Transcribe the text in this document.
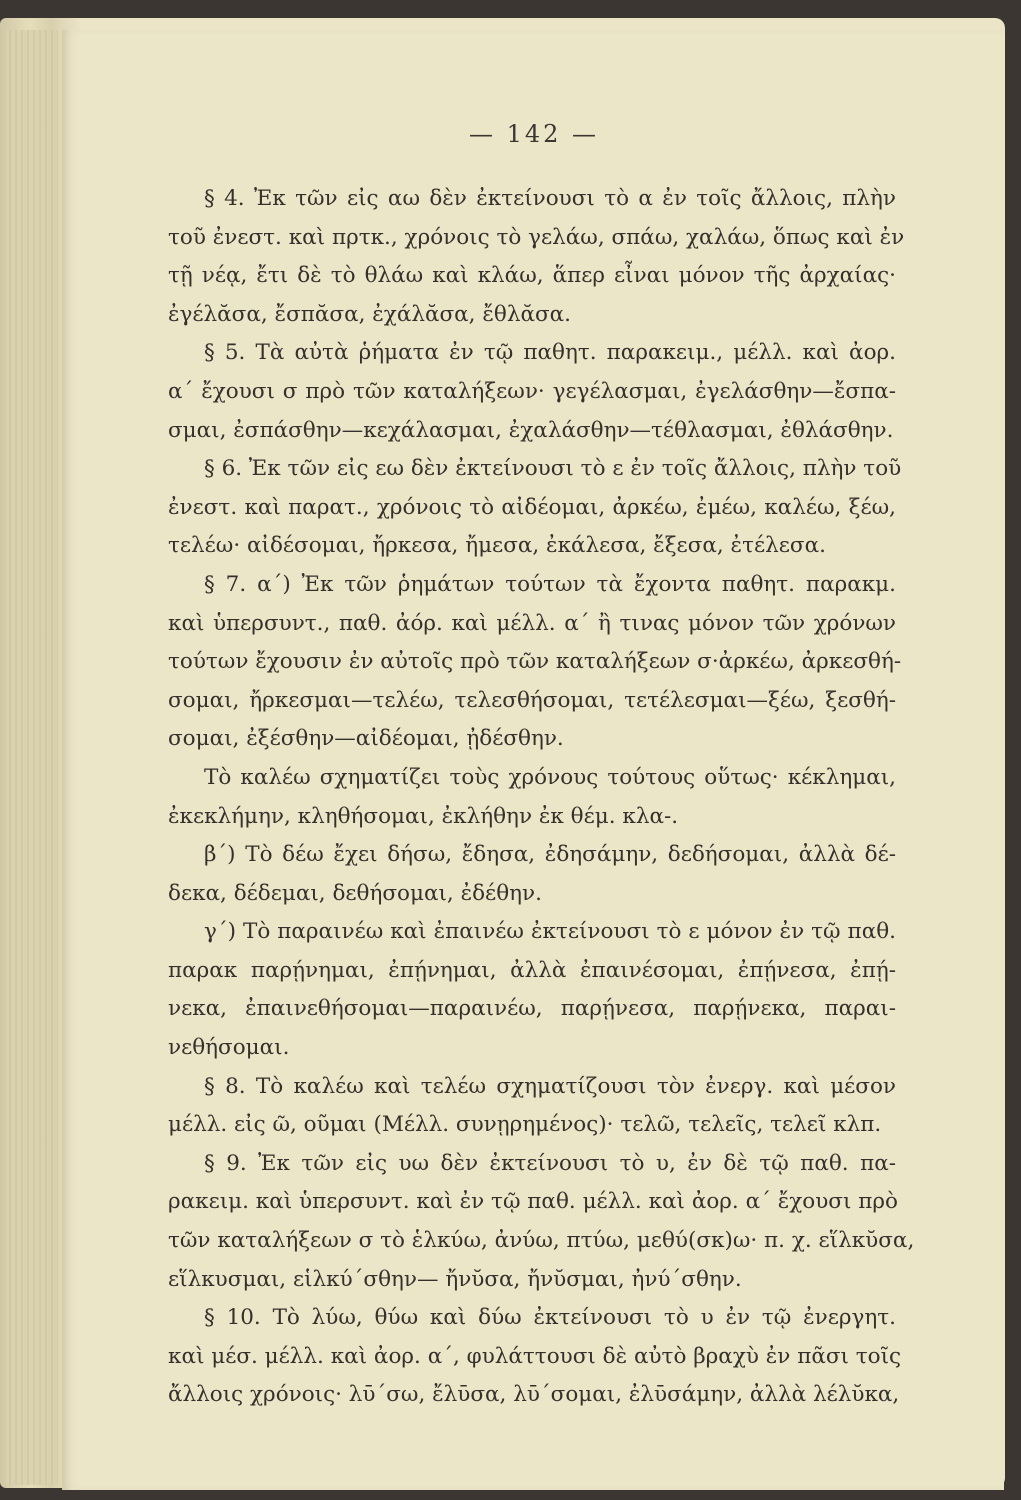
— 142 —
§ 4. Ἐκ τῶν εἰς αω δὲν ἐκτείνουσι τὸ α ἐν τοῖς ἄλλοις, πλὴν
τοῦ ἐνεστ. καὶ πρτκ., χρόνοις τὸ γελάω, σπάω, χαλάω, ὅπως καὶ ἐν
τῇ νέᾳ, ἔτι δὲ τὸ θλάω καὶ κλάω, ἅπερ εἶναι μόνον τῆς ἀρχαίας·
ἐγέλᾰσα, ἔσπᾰσα, ἐχάλᾰσα, ἔθλᾰσα.
§ 5. Τὰ αὐτὰ ῥήματα ἐν τῷ παθητ. παρακειμ., μέλλ. καὶ ἀορ.
α΄ ἔχουσι σ πρὸ τῶν καταλήξεων· γεγέλασμαι, ἐγελάσθην—ἔσπα-
σμαι, ἐσπάσθην—κεχάλασμαι, ἐχαλάσθην—τέθλασμαι, ἐθλάσθην.
§ 6. Ἐκ τῶν εἰς εω δὲν ἐκτείνουσι τὸ ε ἐν τοῖς ἄλλοις, πλὴν τοῦ
ἐνεστ. καὶ παρατ., χρόνοις τὸ αἰδέομαι, ἀρκέω, ἐμέω, καλέω, ξέω,
τελέω· αἰδέσομαι, ἤρκεσα, ἤμεσα, ἐκάλεσα, ἔξεσα, ἐτέλεσα.
§ 7. α΄) Ἐκ τῶν ῥημάτων τούτων τὰ ἔχοντα παθητ. παρακμ.
καὶ ὑπερσυντ., παθ. ἀόρ. καὶ μέλλ. α΄ ἢ τινας μόνον τῶν χρόνων
τούτων ἔχουσιν ἐν αὐτοῖς πρὸ τῶν καταλήξεων σ·ἀρκέω, ἀρκεσθή-
σομαι, ἤρκεσμαι—τελέω, τελεσθήσομαι, τετέλεσμαι—ξέω, ξεσθή-
σομαι, ἐξέσθην—αἰδέομαι, ᾐδέσθην.
Τὸ καλέω σχηματίζει τοὺς χρόνους τούτους οὕτως· κέκλημαι,
ἐκεκλήμην, κληθήσομαι, ἐκλήθην ἐκ θέμ. κλα-.
β΄) Τὸ δέω ἔχει δήσω, ἔδησα, ἐδησάμην, δεδήσομαι, ἀλλὰ δέ-
δεκα, δέδεμαι, δεθήσομαι, ἐδέθην.
γ΄) Τὸ παραινέω καὶ ἐπαινέω ἐκτείνουσι τὸ ε μόνον ἐν τῷ παθ.
παρακ παρῄνημαι, ἐπῄνημαι, ἀλλὰ ἐπαινέσομαι, ἐπῄνεσα, ἐπῄ-
νεκα, ἐπαινεθήσομαι—παραινέω, παρῄνεσα, παρῄνεκα, παραι-
νεθήσομαι.
§ 8. Τὸ καλέω καὶ τελέω σχηματίζουσι τὸν ἐνεργ. καὶ μέσον
μέλλ. εἰς ῶ, οῦμαι (Μέλλ. συνῃρημένος)· τελῶ, τελεῖς, τελεῖ κλπ.
§ 9. Ἐκ τῶν εἰς υω δὲν ἐκτείνουσι τὸ υ, ἐν δὲ τῷ παθ. πα-
ρακειμ. καὶ ὑπερσυντ. καὶ ἐν τῷ παθ. μέλλ. καὶ ἀορ. α΄ ἔχουσι πρὸ
τῶν καταλήξεων σ τὸ ἑλκύω, ἀνύω, πτύω, μεθύ(σκ)ω· π. χ. εἵλκῠσα,
εἵλκυσμαι, εἱλκύ΄σθην— ἤνῠσα, ἤνῠσμαι, ἠνύ΄σθην.
§ 10. Τὸ λύω, θύω καὶ δύω ἐκτείνουσι τὸ υ ἐν τῷ ἐνεργητ.
καὶ μέσ. μέλλ. καὶ ἀορ. α΄, φυλάττουσι δὲ αὐτὸ βραχὺ ἐν πᾶσι τοῖς
ἄλλοις χρόνοις· λῡ΄σω, ἔλῡσα, λῡ΄σομαι, ἐλῡσάμην, ἀλλὰ λέλῠκα,
